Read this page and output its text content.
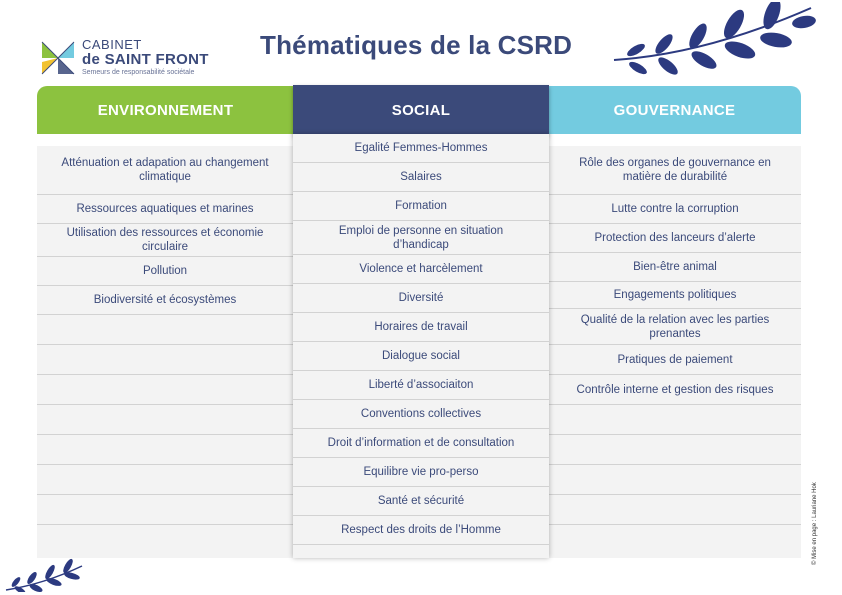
CABINET
de SAINT FRONT
Semeurs de responsabilité sociétale
Thématiques de la CSRD
ENVIRONNEMENT	GOUVERNANCE
SOCIAL
Atténuation et adapation au changement climatique
Ressources aquatiques et marines
Utilisation des ressources et économie circulaire
Pollution
Biodiversité et écosystèmes
Rôle des organes de gouvernance en matière de durabilité
Lutte contre la corruption
Protection des lanceurs d’alerte
Bien-être animal
Engagements politiques
Qualité de la relation avec les parties prenantes
Pratiques de paiement
Contrôle interne et gestion des risques
Egalité Femmes-Hommes
Salaires
Formation
Emploi de personne en situation d’handicap
Violence et harcèlement
Diversité
Horaires de travail
Dialogue social
Liberté d’associaiton
Conventions collectives
Droit d’information et de consultation
Equilibre vie pro-perso
Santé et sécurité
Respect des droits de l’Homme	© Mise en page : Lauriane Hok
